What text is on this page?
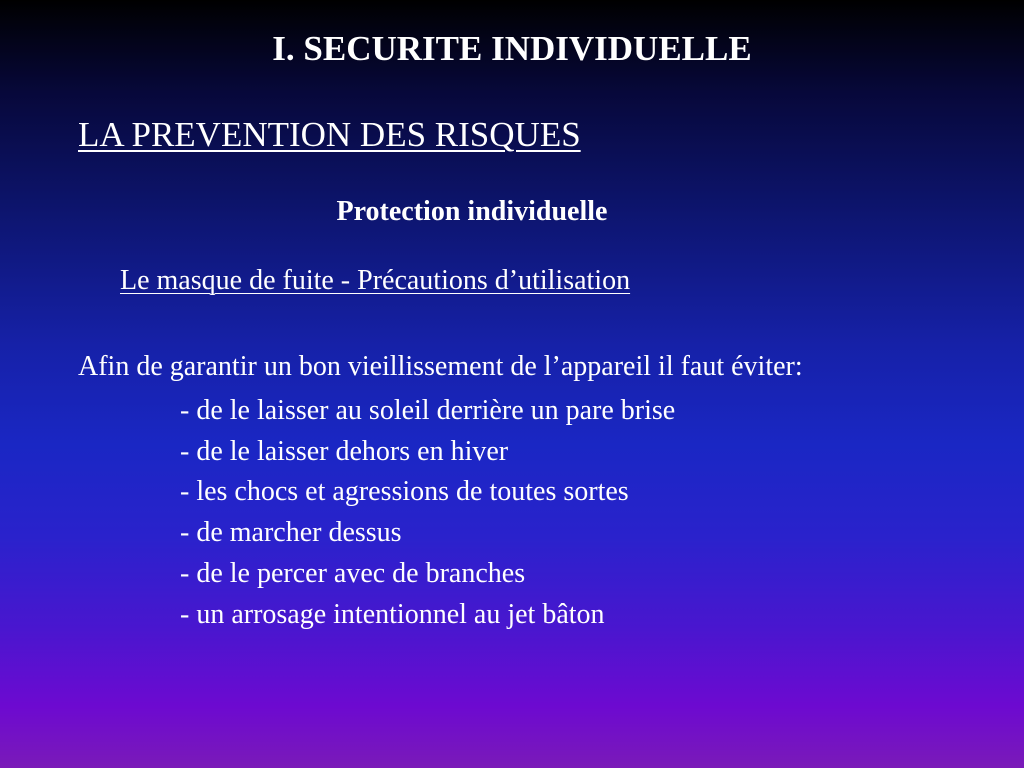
I. SECURITE INDIVIDUELLE
LA PREVENTION DES RISQUES
Protection individuelle
Le masque de fuite - Précautions d’utilisation
Afin de garantir un bon vieillissement de l’appareil il faut éviter:
- de le laisser au soleil derrière un pare brise
- de le laisser dehors en hiver
- les chocs et agressions de toutes sortes
- de marcher dessus
- de le percer avec de branches
- un arrosage intentionnel au jet bâton
